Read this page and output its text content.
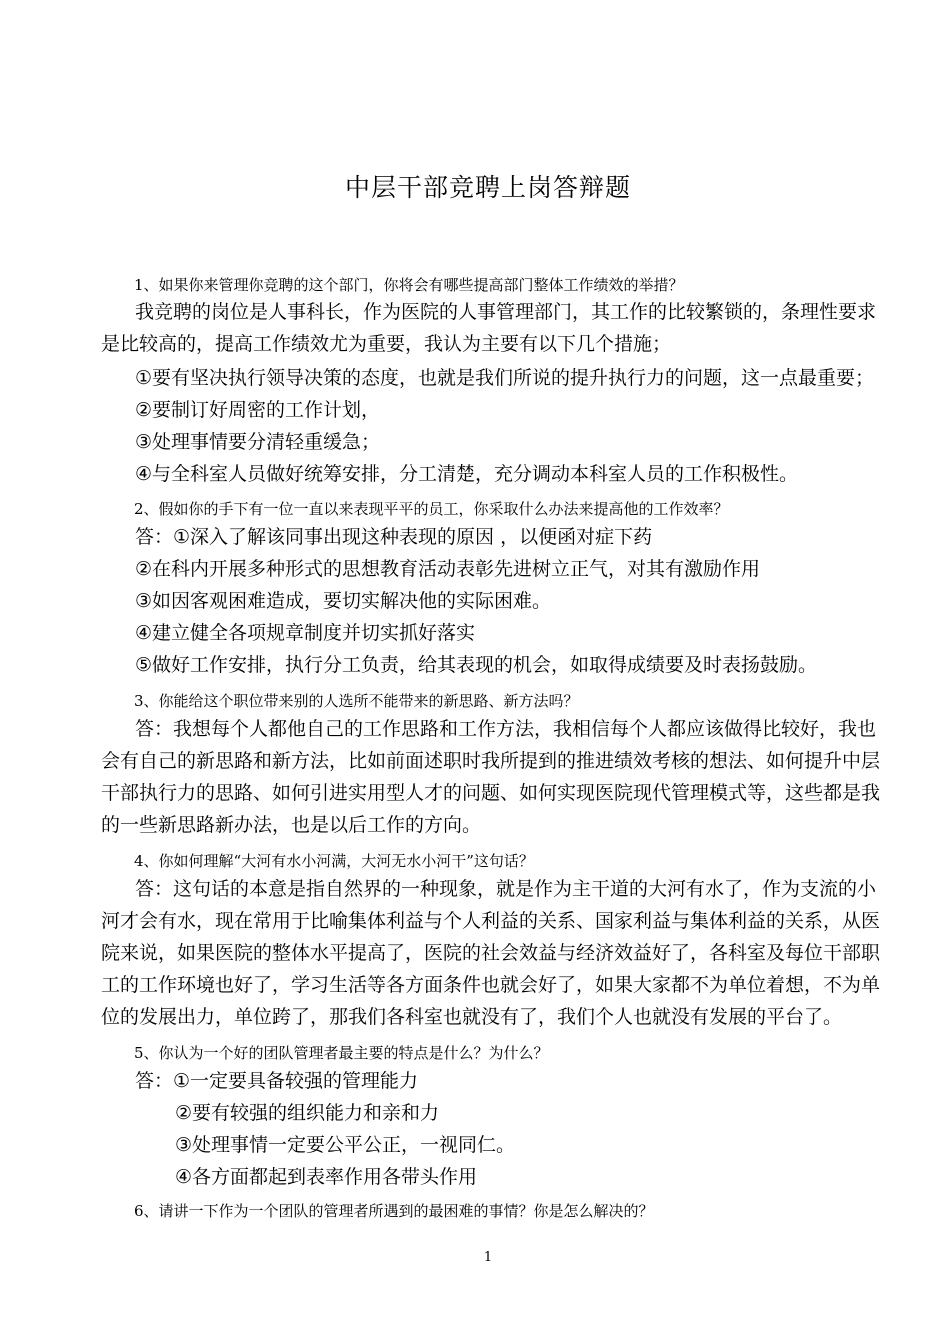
中层干部竞聘上岗答辩题
1、如果你来管理你竞聘的这个部门，你将会有哪些提高部门整体工作绩效的举措？
我竞聘的岗位是人事科长，作为医院的人事管理部门，其工作的比较繁锁的，条理性要求
是比较高的，提高工作绩效尤为重要，我认为主要有以下几个措施；
①要有坚决执行领导决策的态度，也就是我们所说的提升执行力的问题，这一点最重要；
②要制订好周密的工作计划，
③处理事情要分清轻重缓急；
④与全科室人员做好统筹安排，分工清楚，充分调动本科室人员的工作积极性。
2、假如你的手下有一位一直以来表现平平的员工，你采取什么办法来提高他的工作效率？
答：①深入了解该同事出现这种表现的原因 ，以便函对症下药
②在科内开展多种形式的思想教育活动表彰先进树立正气，对其有激励作用
③如因客观困难造成，要切实解决他的实际困难。
④建立健全各项规章制度并切实抓好落实
⑤做好工作安排，执行分工负责，给其表现的机会，如取得成绩要及时表扬鼓励。
3、你能给这个职位带来别的人选所不能带来的新思路、新方法吗？
答：我想每个人都他自己的工作思路和工作方法，我相信每个人都应该做得比较好，我也
会有自己的新思路和新方法，比如前面述职时我所提到的推进绩效考核的想法、如何提升中层
干部执行力的思路、如何引进实用型人才的问题、如何实现医院现代管理模式等，这些都是我
的一些新思路新办法，也是以后工作的方向。
4、你如何理解“大河有水小河满，大河无水小河干”这句话？
答：这句话的本意是指自然界的一种现象，就是作为主干道的大河有水了，作为支流的小
河才会有水，现在常用于比喻集体利益与个人利益的关系、国家利益与集体利益的关系，从医
院来说，如果医院的整体水平提高了，医院的社会效益与经济效益好了，各科室及每位干部职
工的工作环境也好了，学习生活等各方面条件也就会好了，如果大家都不为单位着想，不为单
位的发展出力，单位跨了，那我们各科室也就没有了，我们个人也就没有发展的平台了。
5、你认为一个好的团队管理者最主要的特点是什么？为什么？
答：①一定要具备较强的管理能力
②要有较强的组织能力和亲和力
③处理事情一定要公平公正，一视同仁。
④各方面都起到表率作用各带头作用
6、请讲一下作为一个团队的管理者所遇到的最困难的事情？你是怎么解决的？
1
